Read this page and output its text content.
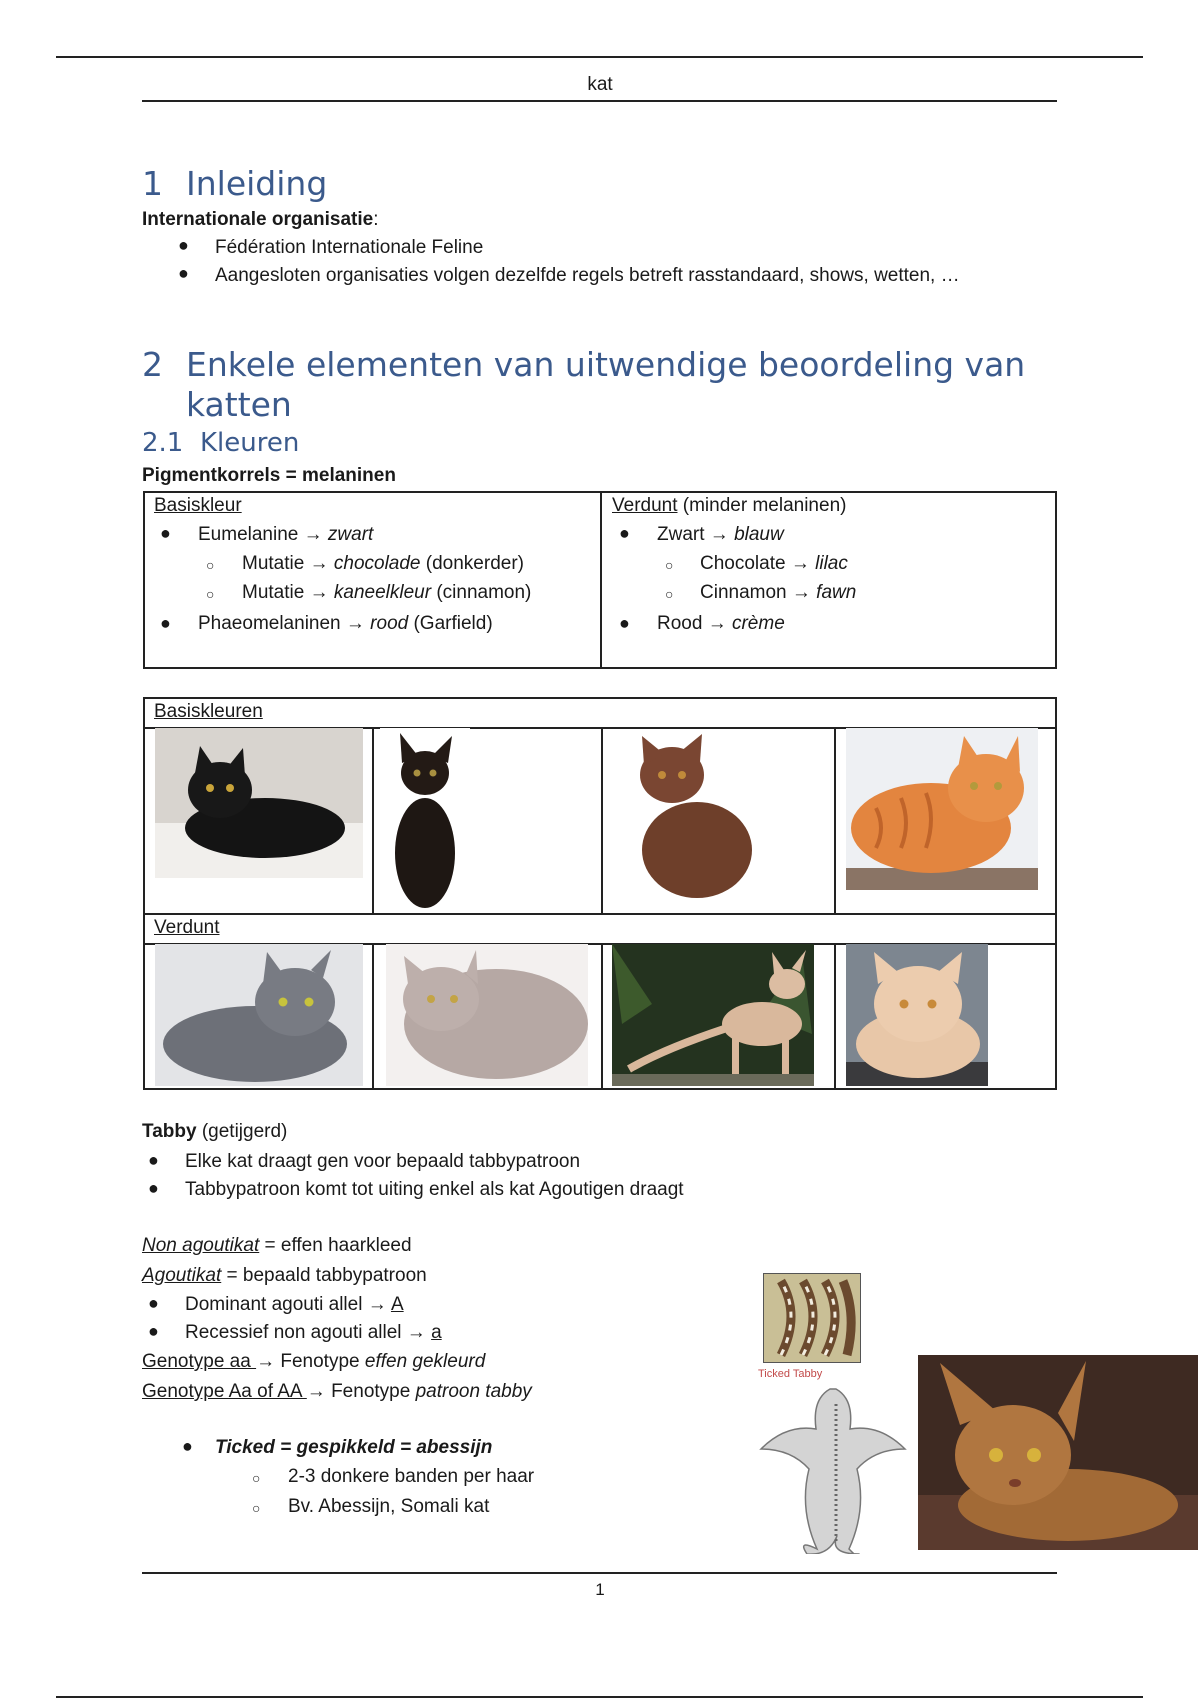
kat
1 Inleiding
Internationale organisatie:
● Fédération Internationale Feline
● Aangesloten organisaties volgen dezelfde regels betreft rasstandaard, shows, wetten, …
2 Enkele elementen van uitwendige beoordeling van
katten
2.1 Kleuren
Pigmentkorrels = melaninen
Basiskleur
● Eumelanine → zwart
○ Mutatie → chocolade (donkerder)
○ Mutatie → kaneelkleur (cinnamon)
● Phaeomelaninen → rood (Garfield)
Verdunt (minder melaninen)
● Zwart → blauw
○ Chocolate → lilac
○ Cinnamon → fawn
● Rood → crème
Basiskleuren
Verdunt
Tabby (getijgerd)
● Elke kat draagt gen voor bepaald tabbypatroon
● Tabbypatroon komt tot uiting enkel als kat Agoutigen draagt
Non agoutikat = effen haarkleed
Agoutikat = bepaald tabbypatroon
● Dominant agouti allel → A
● Recessief non agouti allel → a
Genotype aa → Fenotype effen gekleurd
Genotype Aa of AA → Fenotype patroon tabby
● Ticked = gespikkeld = abessijn
○ 2-3 donkere banden per haar
○ Bv. Abessijn, Somali kat
Ticked Tabby
1
